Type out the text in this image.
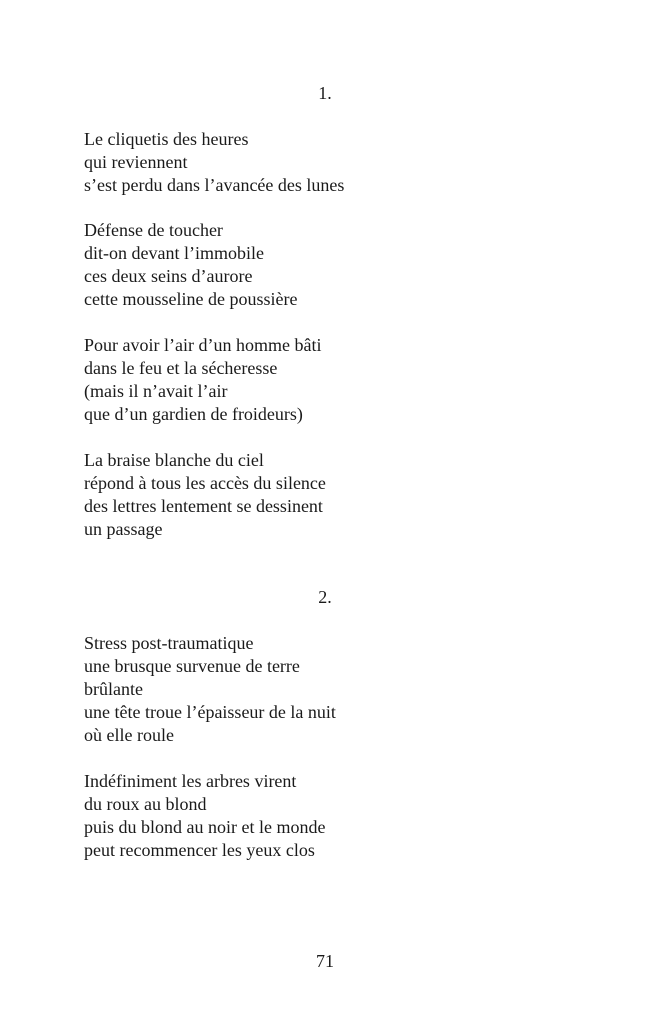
1.
Le cliquetis des heures
qui reviennent
s’est perdu dans l’avancée des lunes
Défense de toucher
dit-on devant l’immobile
ces deux seins d’aurore
cette mousseline de poussière
Pour avoir l’air d’un homme bâti
dans le feu et la sécheresse
(mais il n’avait l’air
que d’un gardien de froideurs)
La braise blanche du ciel
répond à tous les accès du silence
des lettres lentement se dessinent
un passage
2.
Stress post-traumatique
une brusque survenue de terre
brûlante
une tête troue l’épaisseur de la nuit
où elle roule
Indéfiniment les arbres virent
du roux au blond
puis du blond au noir et le monde
peut recommencer les yeux clos
71
